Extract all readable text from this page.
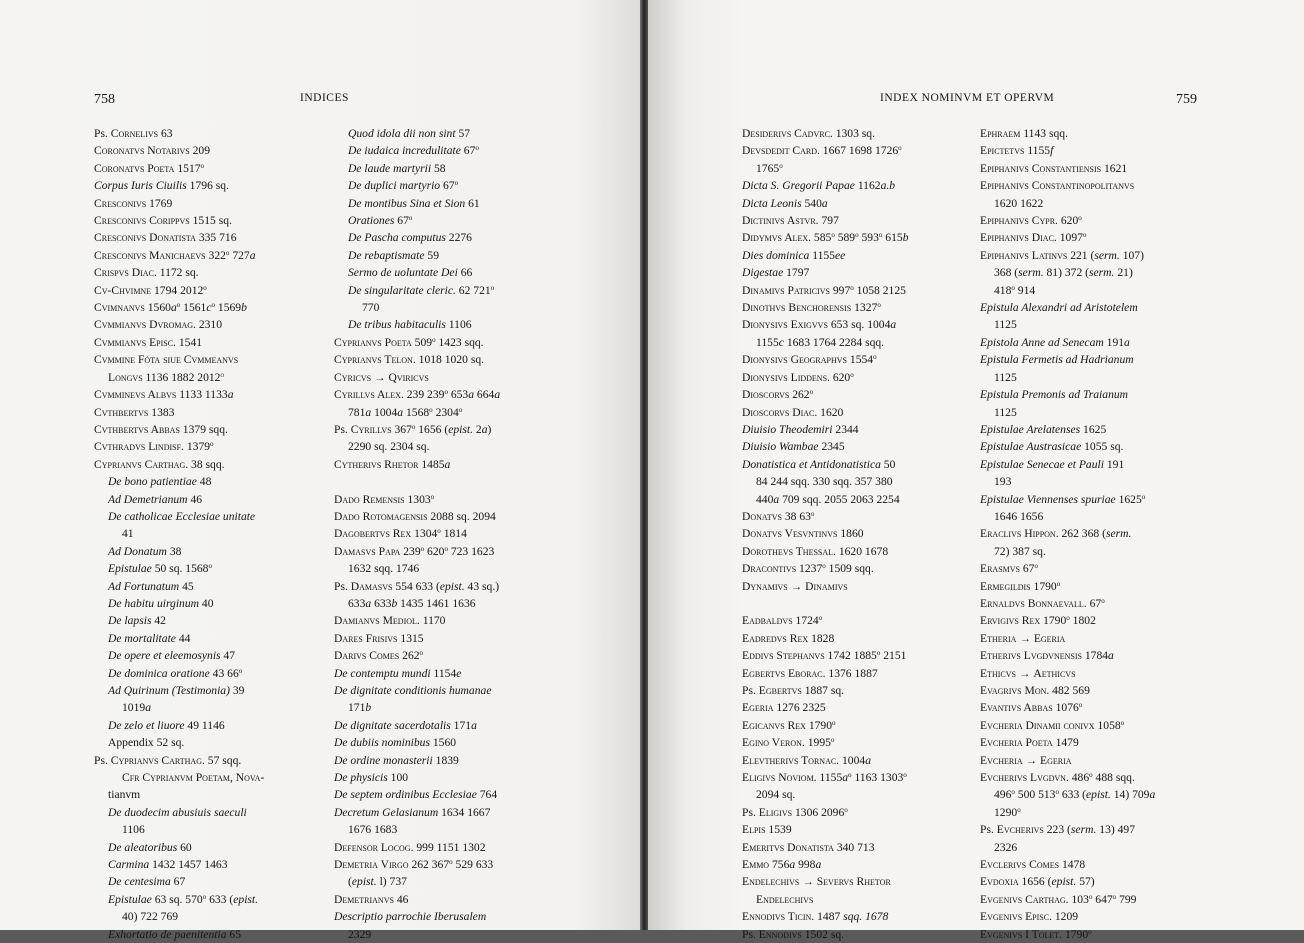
758	INDICES
Ps. Cornelivs 63
Coronatvs Notarivs 209
Coronatvs Poeta 1517$^o$
Corpus Iuris Ciuilis 1796 sq.
Cresconivs 1769
Cresconivs Corippvs 1515 sq.
Cresconivs Donatista 335 716
Cresconivs Manichaevs 322$^o$ 727a
Crispvs Diac. 1172 sq.
Cv-Chvimne 1794 2012$^o$
Cvimnanvs $1560a^o$ $1561c^o$ 1569b
Cvmmianvs Dvromag. 2310
Cvmmianvs Episc. 1541
Cvmmine Fóta siue Cvmmeanvs
Longvs 1136 1882 2012$^o$
Cvmminevs Albvs 1133 1133a
Cvthbertvs 1383
Cvthbertvs Abbas 1379 sqq.
Cvthradvs Lindisf. 1379$^o$
Cyprianvs Carthag. 38 sqq.
De bono patientiae 48
Ad Demetrianum 46
De catholicae Ecclesiae unitate
41
Ad Donatum 38
Epistulae 50 sq. 1568$^o$
Ad Fortunatum 45
De habitu uirginum 40
De lapsis 42
De mortalitate 44
De opere et eleemosynis 47
De dominica oratione 43 66$^o$
Ad Quirinum (Testimonia) 39
1019a
De zelo et liuore 49 1146
Appendix 52 sq.
Ps. Cyprianvs Carthag. 57 sqq.
Cfr Cyprianvm Poetam, Nova-
tianvm
De duodecim abusiuis saeculi
1106
De aleatoribus 60
Carmina 1432 1457 1463
De centesima 67
Epistulae 63 sq. 570$^o$ 633 (epist.
40) 722 769
Exhortatio de paenitentia 65
Quod idola dii non sint 57
De iudaica incredulitate 67$^o$
De laude martyrii 58
De duplici martyrio 67$^o$
De montibus Sina et Sion 61
Orationes 67$^o$
De Pascha computus 2276
De rebaptismate 59
Sermo de uoluntate Dei 66
De singularitate cleric. 62 721$^o$
770
De tribus habitaculis 1106
Cyprianvs Poeta 509$^o$ 1423 sqq.
Cyprianvs Telon. 1018 1020 sq.
Cyricvs → Qviricvs
Cyrillvs Alex. 239 239$^o$ 653a 664a
781a 1004a 1568$^o$ 2304$^o$
Ps. Cyrillvs 367$^o$ 1656 (epist. 2a)
2290 sq. 2304 sq.
Cytherivs Rhetor 1485a
Dado Remensis 1303$^o$
Dado Rotomagensis 2088 sq. 2094
Dagobertvs Rex 1304$^o$ 1814
Damasvs Papa 239$^o$ 620$^o$ 723 1623
1632 sqq. 1746
Ps. Damasvs 554 633 (epist. 43 sq.)
633a 633b 1435 1461 1636
Damianvs Mediol. 1170
Dares Frisivs 1315
Darivs Comes 262$^o$
De contemptu mundi 1154e
De dignitate conditionis humanae
171b
De dignitate sacerdotalis 171a
De dubiis nominibus 1560
De ordine monasterii 1839
De physicis 100
De septem ordinibus Ecclesiae 764
Decretum Gelasianum 1634 1667
1676 1683
Defensor Locog. 999 1151 1302
Demetria Virgo 262 367$^o$ 529 633
(epist. l) 737
Demetrianvs 46
Descriptio parrochie Iberusalem
2329
INDEX NOMINVM ET OPERVM	759
Desiderivs Cadvrc. 1303 sq.
Devsdedit Card. 1667 1698 1726$^o$
1765$^o$
Dicta S. Gregorii Papae 1162a.b
Dicta Leonis 540a
Dictinivs Astvr. 797
Didymvs Alex. 585$^o$ 589$^o$ 593$^o$ 615b
Dies dominica 1155ee
Digestae 1797
Dinamivs Patricivs 997$^o$ 1058 2125
Dinothvs Benchorensis 1327$^o$
Dionysivs Exigvvs 653 sq. 1004a
1155c 1683 1764 2284 sqq.
Dionysivs Geographvs 1554$^o$
Dionysivs Liddens. 620$^o$
Dioscorvs 262$^o$
Dioscorvs Diac. 1620
Diuisio Theodemiri 2344
Diuisio Wambae 2345
Donatistica et Antidonatistica 50
84 244 sqq. 330 sqq. 357 380
440a 709 sqq. 2055 2063 2254
Donatvs 38 63$^o$
Donatvs Vesvntinvs 1860
Dorothevs Thessal. 1620 1678
Dracontivs 1237$^o$ 1509 sqq.
Dynamivs → Dinamivs
Eadbaldvs 1724$^o$
Eadredvs Rex 1828
Eddivs Stephanvs 1742 1885$^o$ 2151
Egbertvs Eborac. 1376 1887
Ps. Egbertvs 1887 sq.
Egeria 1276 2325
Egicanvs Rex 1790$^o$
Egino Veron. 1995$^o$
Elevtherivs Tornac. 1004a
Eligivs Noviom. $1155a^o$ 1163 1303$^o$
2094 sq.
Ps. Eligivs 1306 2096$^o$
Elpis 1539
Emeritvs Donatista 340 713
Emmo 756a 998a
Endelechivs → Severvs Rhetor
Endelechivs
Ennodivs Ticin. 1487 sqq. 1678
Ps. Ennodivs 1502 sq.
Ephraem 1143 sqq.
Epictetvs 1155f
Epiphanivs Constantiensis 1621
Epiphanivs Constantinopolitanvs
1620 1622
Epiphanivs Cypr. 620$^o$
Epiphanivs Diac. 1097$^o$
Epiphanivs Latinvs 221 (serm. 107)
368 (serm. 81) 372 (serm. 21)
418$^o$ 914
Epistula Alexandri ad Aristotelem
1125
Epistola Anne ad Senecam 191a
Epistula Fermetis ad Hadrianum
1125
Epistula Premonis ad Traianum
1125
Epistulae Arelatenses 1625
Epistulae Austrasicae 1055 sq.
Epistulae Senecae et Pauli 191
193
Epistulae Viennenses spuriae 1625$^o$
1646 1656
Eraclivs Hippon. 262 368 (serm.
72) 387 sq.
Erasmvs 67$^o$
Ermegildis 1790$^o$
Ernaldvs Bonnaevall. 67$^o$
Ervigivs Rex 1790$^o$ 1802
Etheria → Egeria
Etherivs Lvgdvnensis 1784a
Ethicvs → Aethicvs
Evagrivs Mon. 482 569
Evantivs Abbas 1076$^o$
Evcheria Dinamii conivx 1058$^o$
Evcheria Poeta 1479
Evcheria → Egeria
Evcherivs Lvgdvn. 486$^o$ 488 sqq.
496$^o$ 500 513$^o$ 633 (epist. 14) 709a
1290$^o$
Ps. Evcherivs 223 (serm. 13) 497
2326
Evclerivs Comes 1478
Evdoxia 1656 (epist. 57)
Evgenivs Carthag. 103$^o$ 647$^o$ 799
Evgenivs Episc. 1209
Evgenivs I Tolet. 1790$^o$
